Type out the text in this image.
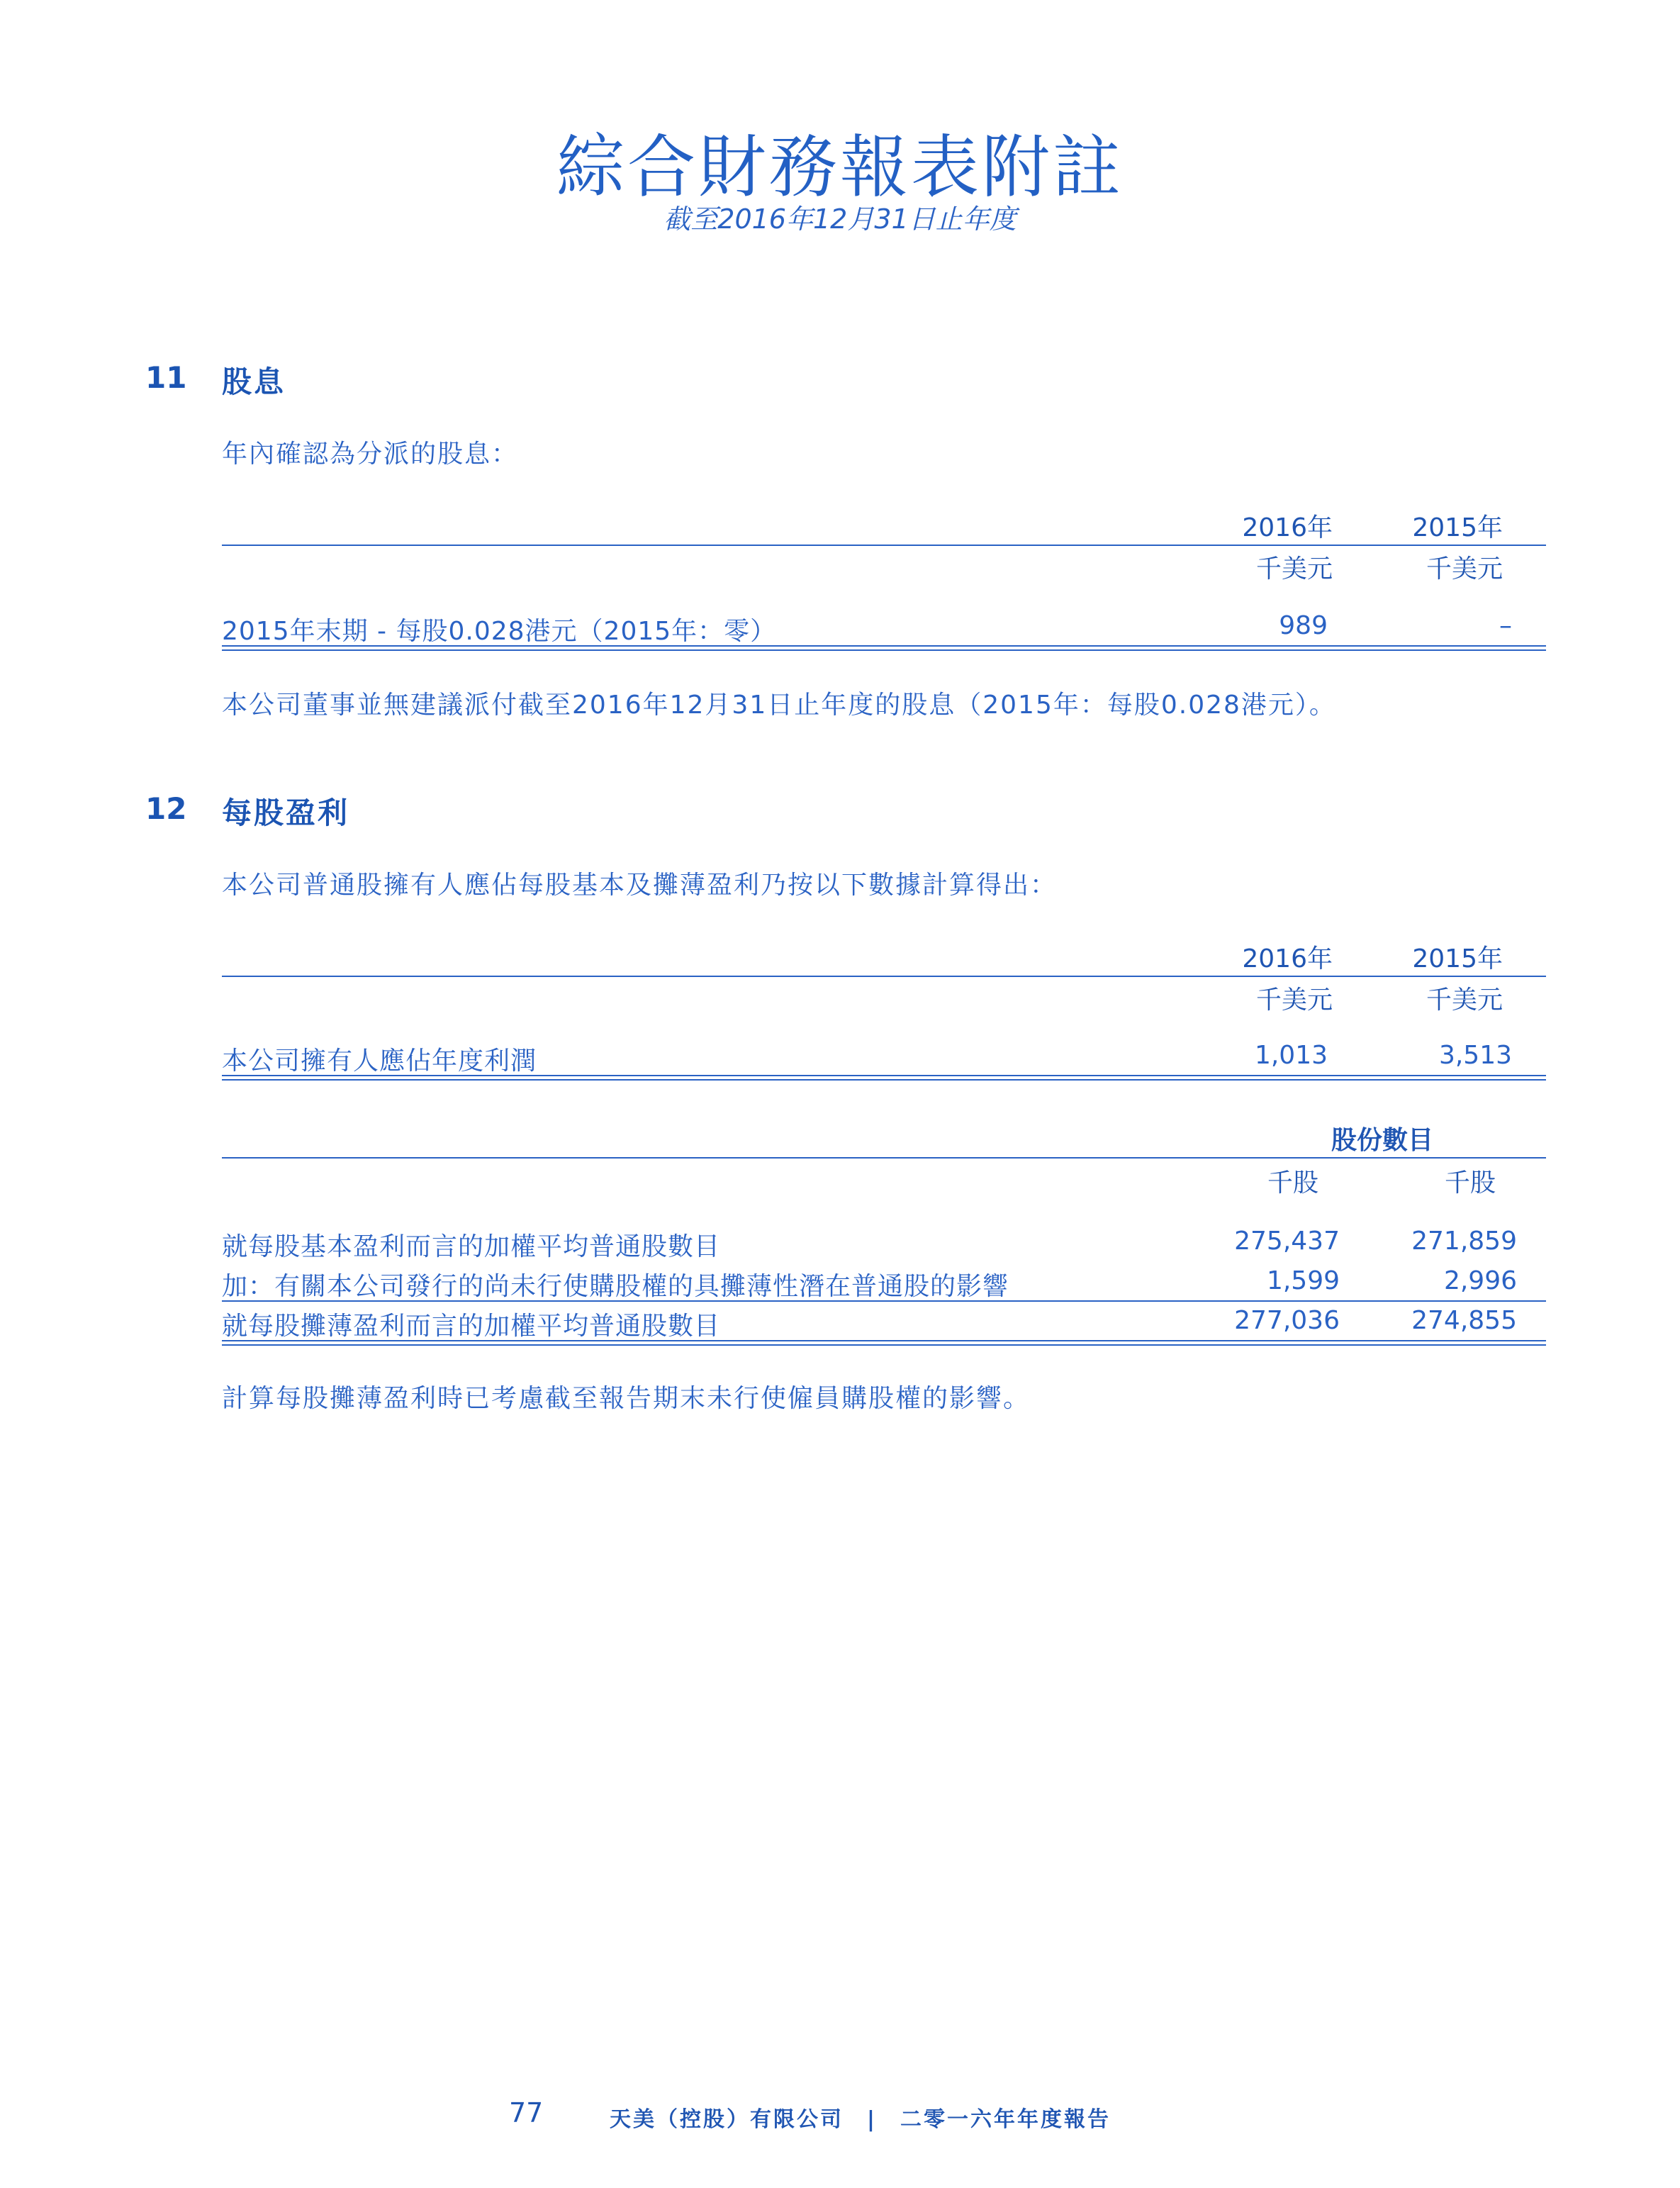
綜合財務報表附註
截至2016年12月31日止年度
11 股息
年內確認為分派的股息：
2016年	2015年
千美元	千美元
2015年末期 - 每股0.028港元（2015年：零）	989	–
本公司董事並無建議派付截至2016年12月31日止年度的股息（2015年：每股0.028港元）。
12 每股盈利
本公司普通股擁有人應佔每股基本及攤薄盈利乃按以下數據計算得出：
2016年	2015年
千美元	千美元
本公司擁有人應佔年度利潤	1,013	3,513
股份數目
千股	千股
就每股基本盈利而言的加權平均普通股數目	275,437	271,859
加：有關本公司發行的尚未行使購股權的具攤薄性潛在普通股的影響	1,599	2,996
就每股攤薄盈利而言的加權平均普通股數目	277,036	274,855
計算每股攤薄盈利時已考慮截至報告期末未行使僱員購股權的影響。
77	天美（控股）有限公司　|　二零一六年年度報告
